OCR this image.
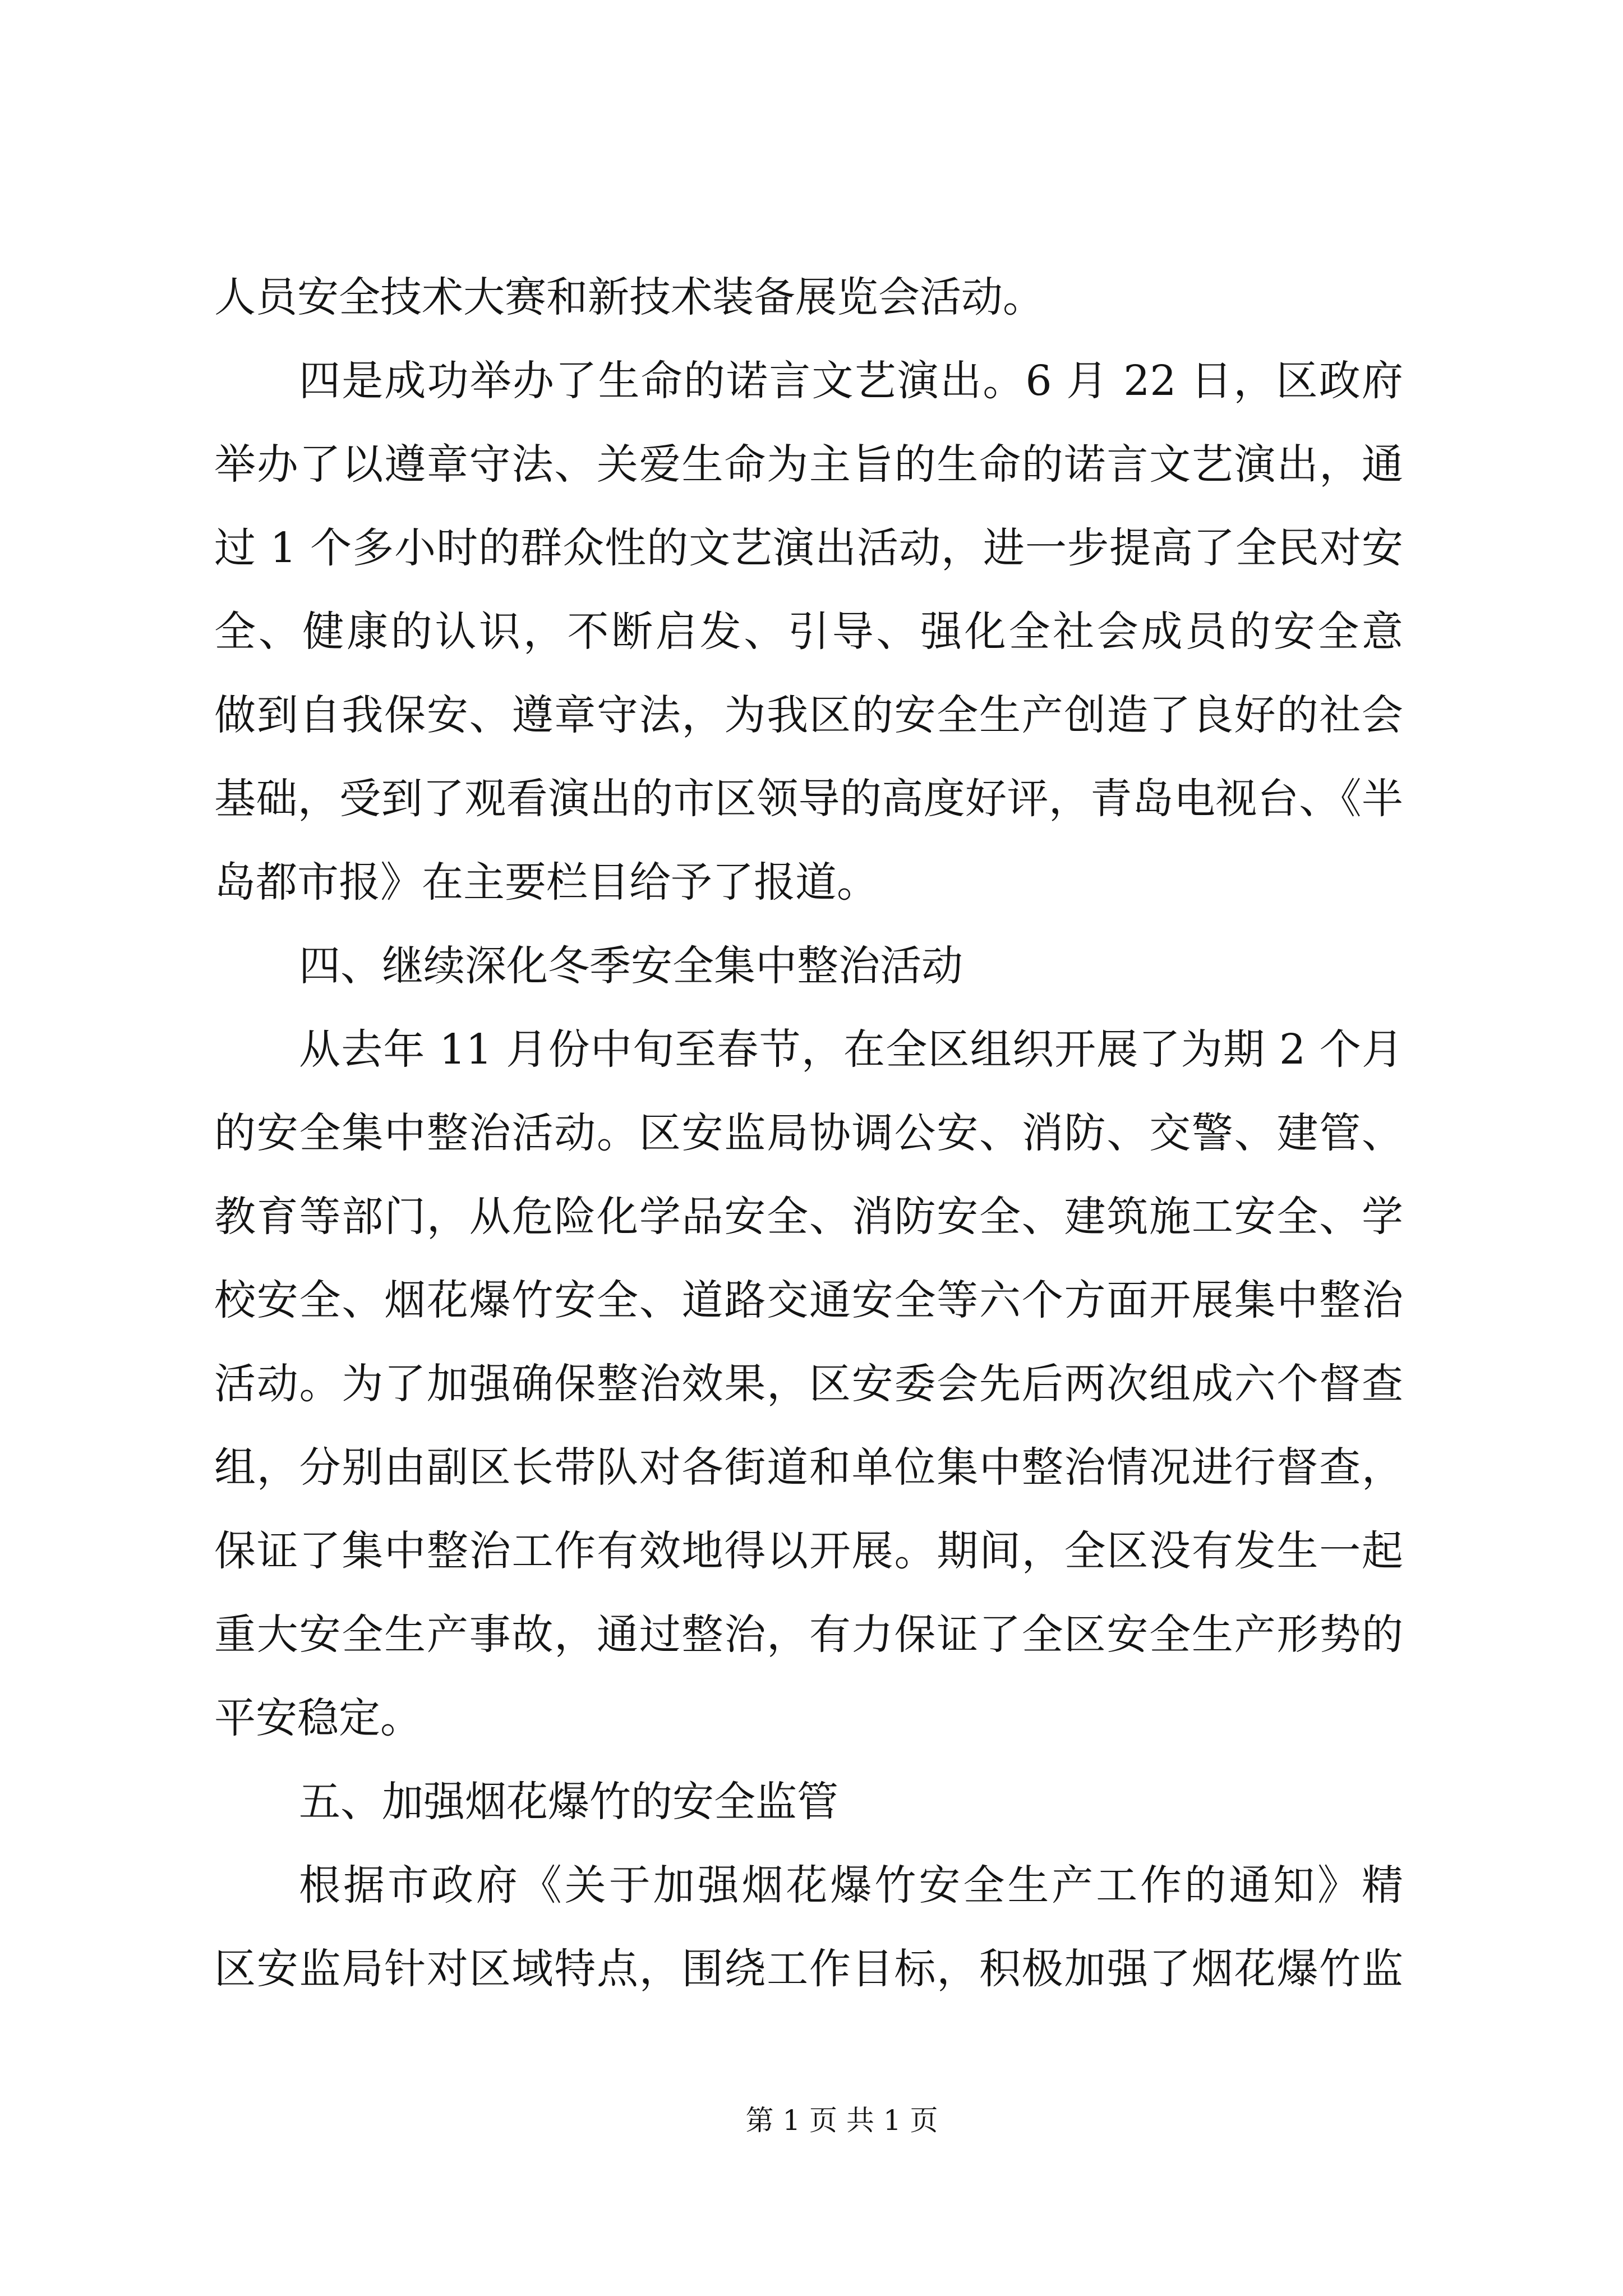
人员安全技术大赛和新技术装备展览会活动。
四是成功举办了生命的诺言文艺演出。6 月 22 日，区政府
举办了以遵章守法、关爱生命为主旨的生命的诺言文艺演出，通
过 1 个多小时的群众性的文艺演出活动，进一步提高了全民对安
全、健康的认识，不断启发、引导、强化全社会成员的安全意
做到自我保安、遵章守法，为我区的安全生产创造了良好的社会
基础，受到了观看演出的市区领导的高度好评，青岛电视台、《半
岛都市报》在主要栏目给予了报道。
四、继续深化冬季安全集中整治活动
从去年 11 月份中旬至春节，在全区组织开展了为期 2 个月
的安全集中整治活动。区安监局协调公安、消防、交警、建管、
教育等部门，从危险化学品安全、消防安全、建筑施工安全、学
校安全、烟花爆竹安全、道路交通安全等六个方面开展集中整治
活动。为了加强确保整治效果，区安委会先后两次组成六个督查
组，分别由副区长带队对各街道和单位集中整治情况进行督查，
保证了集中整治工作有效地得以开展。期间，全区没有发生一起
重大安全生产事故，通过整治，有力保证了全区安全生产形势的
平安稳定。
五、加强烟花爆竹的安全监管
根据市政府《关于加强烟花爆竹安全生产工作的通知》精
区安监局针对区域特点，围绕工作目标，积极加强了烟花爆竹监
第 1 页 共 1 页
